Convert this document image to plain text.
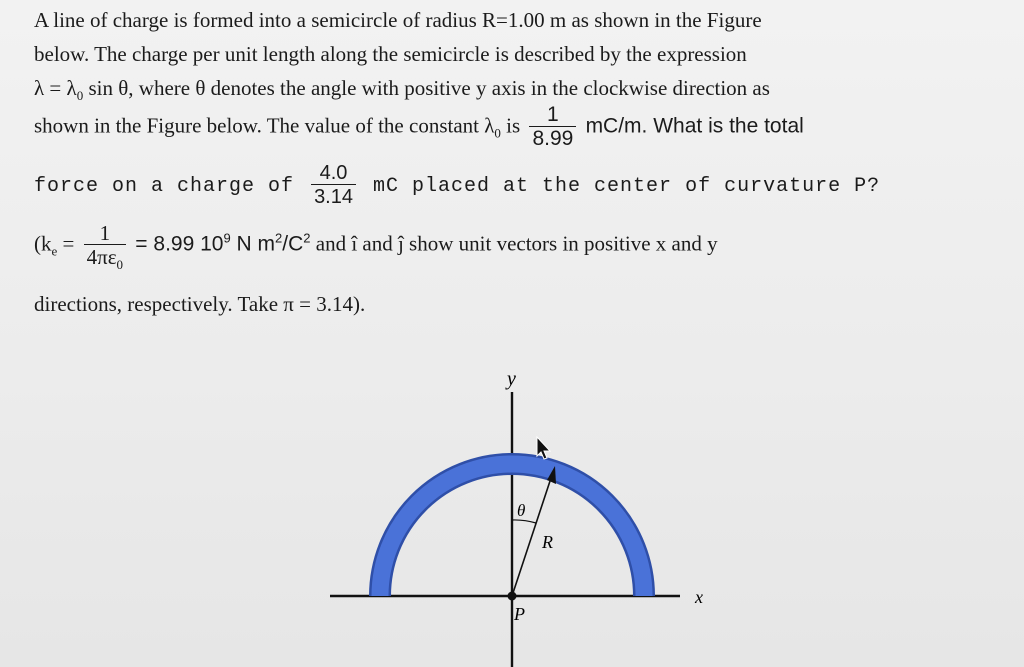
A line of charge is formed into a semicircle of radius R=1.00 m as shown in the Figure
below. The charge per unit length along the semicircle is described by the expression
$\lambda = \lambda_0$ sin θ, where θ denotes the angle with positive y axis in the clockwise direction as
shown in the Figure below. The value of the constant $\lambda_0$ is $\frac{1}{8.99} mC/m$. What is the total
force on a charge of $\frac{4.0}{3.14}$ mC placed at the center of curvature P?
($k_e = \frac{1}{4\pi\varepsilon_0} = 8.99$ $10^9$ N $m^2/C^2$ and î and ĵ show unit vectors in positive x and y
directions, respectively. Take π = 3.14).
y
x
θ
R
P
